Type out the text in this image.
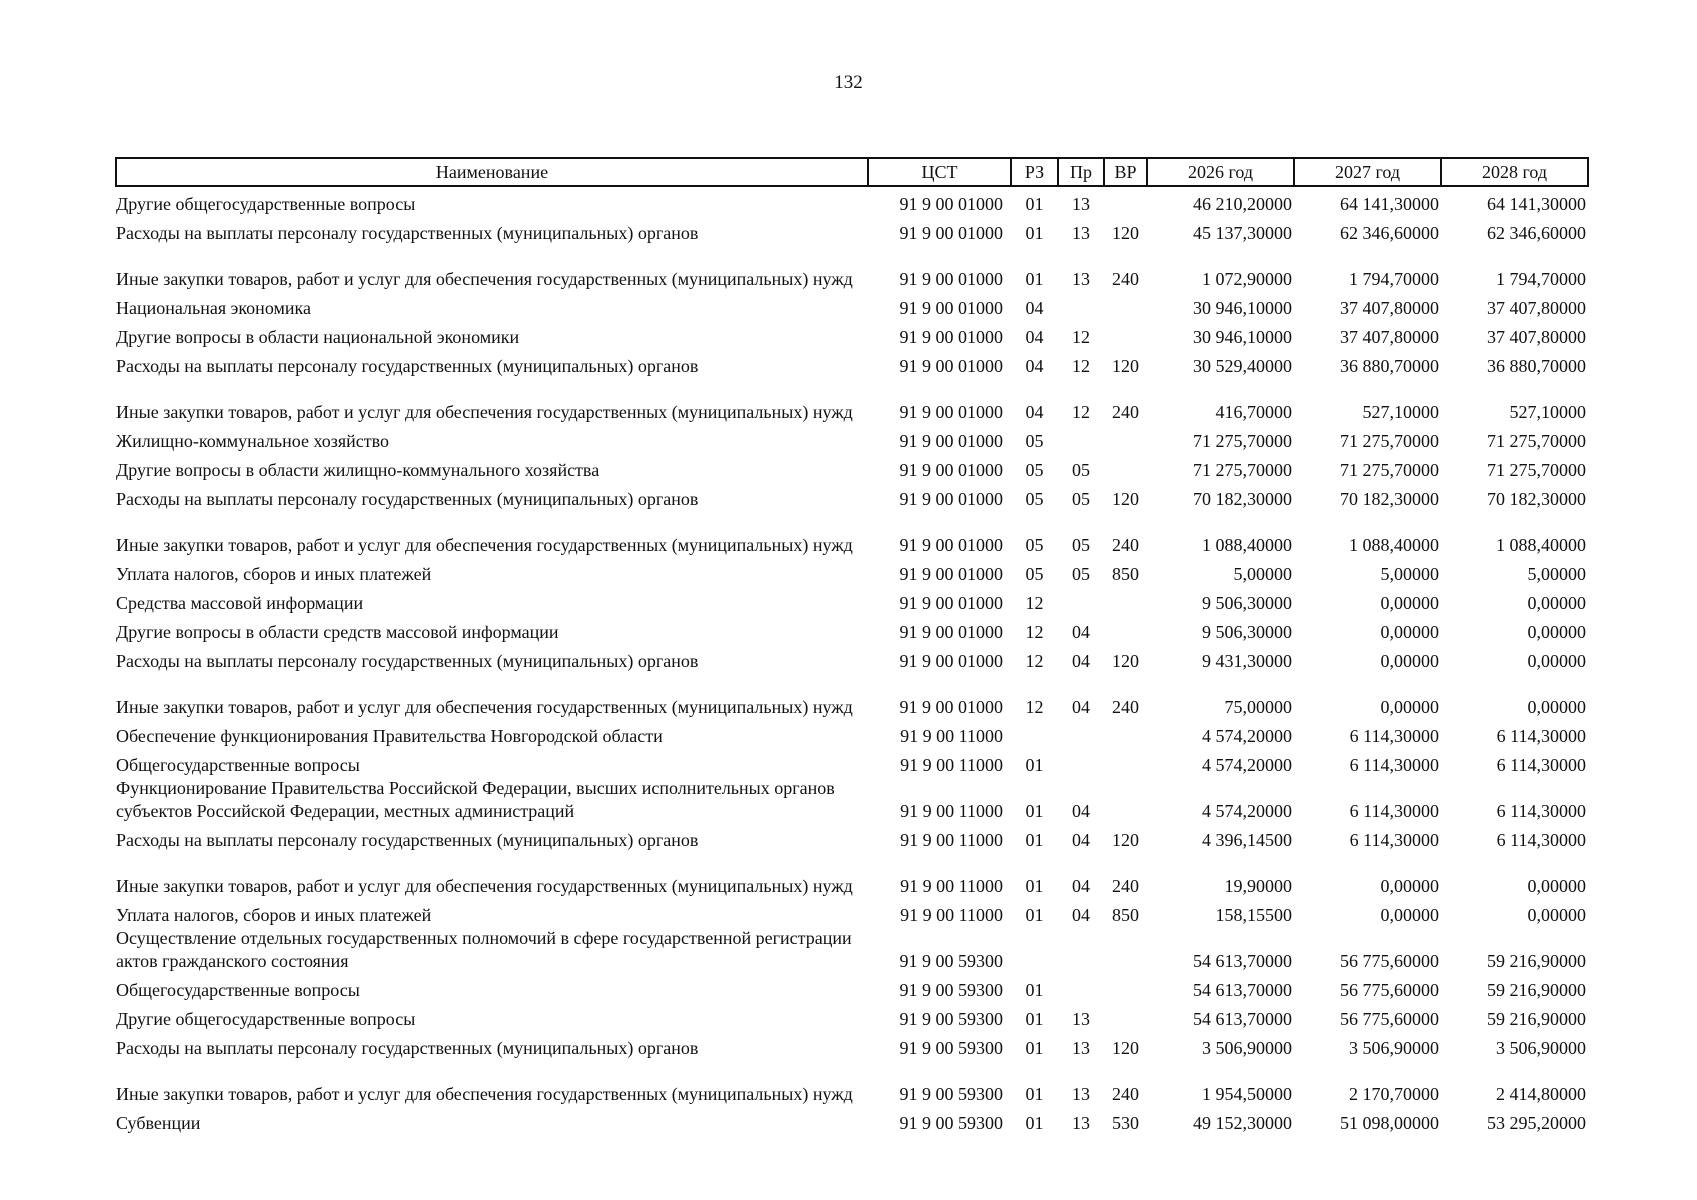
132
Наименование	ЦСТ	РЗ	Пр	ВР	2026 год	2027 год	2028 год
Другие общегосударственные вопросы	91 9 00 01000	01	13		46 210,20000	64 141,30000	64 141,30000
Расходы на выплаты персоналу государственных (муниципальных) органов	91 9 00 01000	01	13	120	45 137,30000	62 346,60000	62 346,60000
Иные закупки товаров, работ и услуг для обеспечения государственных (муниципальных) нужд	91 9 00 01000	01	13	240	1 072,90000	1 794,70000	1 794,70000
Национальная экономика	91 9 00 01000	04			30 946,10000	37 407,80000	37 407,80000
Другие вопросы в области национальной экономики	91 9 00 01000	04	12		30 946,10000	37 407,80000	37 407,80000
Расходы на выплаты персоналу государственных (муниципальных) органов	91 9 00 01000	04	12	120	30 529,40000	36 880,70000	36 880,70000
Иные закупки товаров, работ и услуг для обеспечения государственных (муниципальных) нужд	91 9 00 01000	04	12	240	416,70000	527,10000	527,10000
Жилищно-коммунальное хозяйство	91 9 00 01000	05			71 275,70000	71 275,70000	71 275,70000
Другие вопросы в области жилищно-коммунального хозяйства	91 9 00 01000	05	05		71 275,70000	71 275,70000	71 275,70000
Расходы на выплаты персоналу государственных (муниципальных) органов	91 9 00 01000	05	05	120	70 182,30000	70 182,30000	70 182,30000
Иные закупки товаров, работ и услуг для обеспечения государственных (муниципальных) нужд	91 9 00 01000	05	05	240	1 088,40000	1 088,40000	1 088,40000
Уплата налогов, сборов и иных платежей	91 9 00 01000	05	05	850	5,00000	5,00000	5,00000
Средства массовой информации	91 9 00 01000	12			9 506,30000	0,00000	0,00000
Другие вопросы в области средств массовой информации	91 9 00 01000	12	04		9 506,30000	0,00000	0,00000
Расходы на выплаты персоналу государственных (муниципальных) органов	91 9 00 01000	12	04	120	9 431,30000	0,00000	0,00000
Иные закупки товаров, работ и услуг для обеспечения государственных (муниципальных) нужд	91 9 00 01000	12	04	240	75,00000	0,00000	0,00000
Обеспечение функционирования Правительства Новгородской области	91 9 00 11000				4 574,20000	6 114,30000	6 114,30000
Общегосударственные вопросы	91 9 00 11000	01			4 574,20000	6 114,30000	6 114,30000
Функционирование Правительства Российской Федерации, высших исполнительных органов субъектов Российской Федерации, местных администраций	91 9 00 11000	01	04		4 574,20000	6 114,30000	6 114,30000
Расходы на выплаты персоналу государственных (муниципальных) органов	91 9 00 11000	01	04	120	4 396,14500	6 114,30000	6 114,30000
Иные закупки товаров, работ и услуг для обеспечения государственных (муниципальных) нужд	91 9 00 11000	01	04	240	19,90000	0,00000	0,00000
Уплата налогов, сборов и иных платежей	91 9 00 11000	01	04	850	158,15500	0,00000	0,00000
Осуществление отдельных государственных полномочий в сфере государственной регистрации актов гражданского состояния	91 9 00 59300				54 613,70000	56 775,60000	59 216,90000
Общегосударственные вопросы	91 9 00 59300	01			54 613,70000	56 775,60000	59 216,90000
Другие общегосударственные вопросы	91 9 00 59300	01	13		54 613,70000	56 775,60000	59 216,90000
Расходы на выплаты персоналу государственных (муниципальных) органов	91 9 00 59300	01	13	120	3 506,90000	3 506,90000	3 506,90000
Иные закупки товаров, работ и услуг для обеспечения государственных (муниципальных) нужд	91 9 00 59300	01	13	240	1 954,50000	2 170,70000	2 414,80000
Субвенции	91 9 00 59300	01	13	530	49 152,30000	51 098,00000	53 295,20000
